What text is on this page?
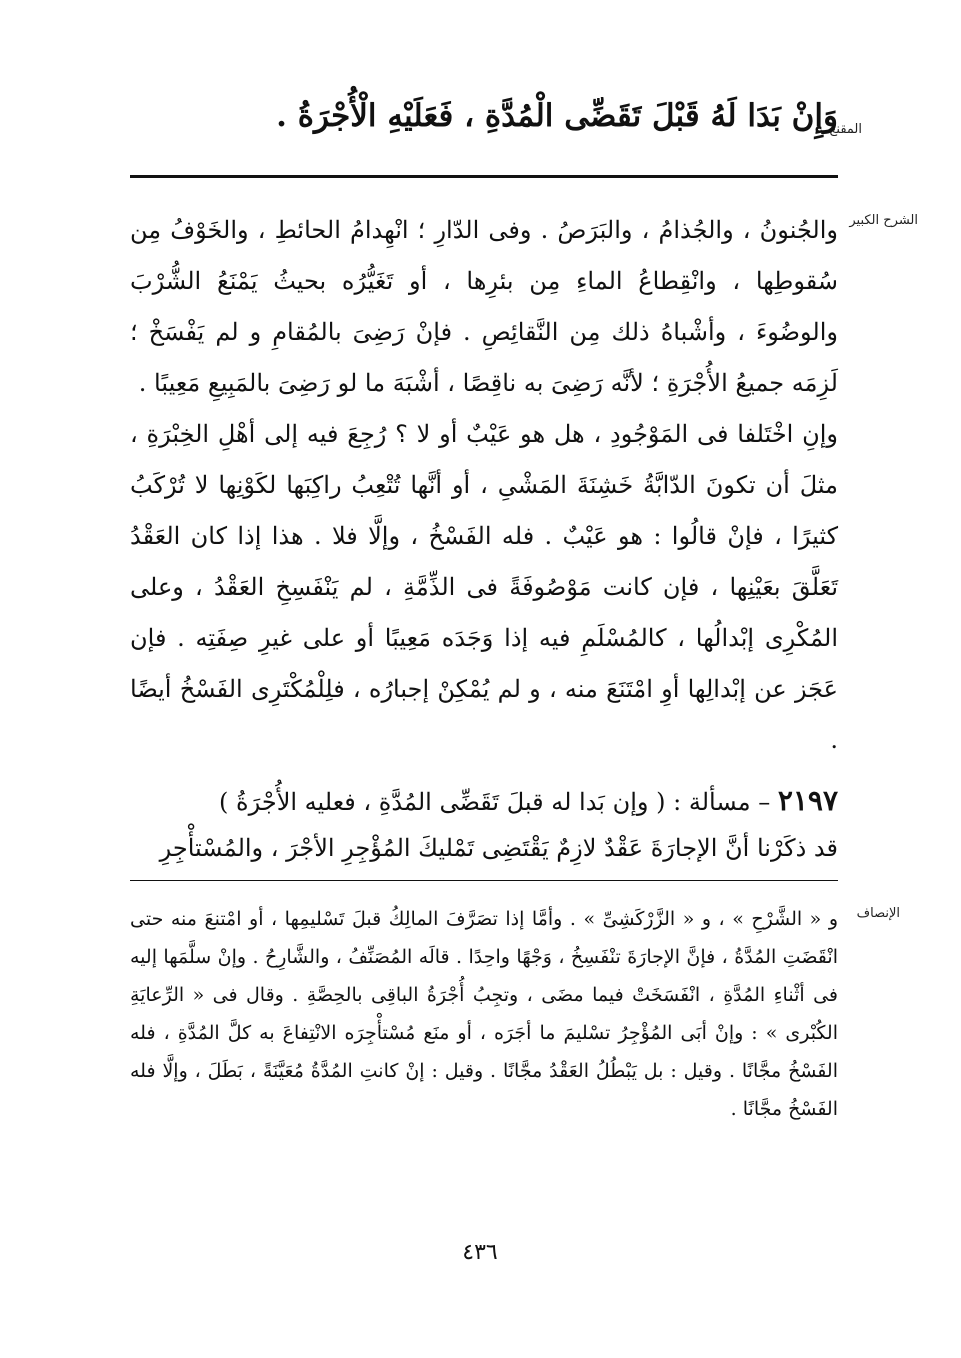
المقنع
وَإِنْ بَدَا لَهُ قَبْلَ تَقَضِّى الْمُدَّةِ ، فَعَلَيْهِ الْأُجْرَةُ .
الشرح الكبير

والجُنونُ ، والجُذامُ ، والبَرَصُ . وفى الدّارِ ؛ انْهِدامُ الحائطِ ، والخَوْفُ مِن سُقوطِها ، وانْقِطاعُ الماءِ مِن بئرِها ، أو تَغَيُّرُه بحيثُ يَمْنَعُ الشُّرْبَ والوضُوءَ ، وأشْباهُ ذلك مِن النَّقائِصِ . فإنْ رَضِىَ بالمُقامِ و لم يَفْسَخْ ؛ لَزِمَه جميعُ الأُجْرَةِ ؛ لأنَّه رَضِىَ به ناقِصًا ، أشْبَهَ ما لو رَضِىَ بالمَبِيعِ مَعِيبًا .

وإنِ اخْتَلفا فى المَوْجُودِ ، هل هو عَيْبٌ أو لا ؟ رُجِعَ فيه إلى أهْلِ الخِبْرَةِ ، مثلَ أن تكونَ الدّابَّةُ خَشِنَةَ المَشْىِ ، أو أنَّها تُتْعِبُ راكِبَها لكَوْنِها لا تُرْكَبُ كثيرًا ، فإنْ قالُوا : هو عَيْبٌ . فله الفَسْخُ ، وإلَّا فلا . هذا إذا كان العَقْدُ تَعَلَّقَ بعَيْنِها ، فإن كانت مَوْصُوفَةً فى الذِّمَّةِ ، لم يَنْفَسِخِ العَقْدُ ، وعلى المُكْرِى إبْدالُها ، كالمُسْلَمِ فيه إذا وَجَدَه مَعِيبًا أو على غيرِ صِفَتِه . فإن عَجَز عن إبْدالِها أوِ امْتَنَعَ منه ، و لم يُمْكِنْ إجبارُه ، فلِلْمُكْتَرِى الفَسْخُ أيضًا .

٢١٩٧ – مسألة : ( وإن بَدا له قبلَ تَقَضِّى المُدَّةِ ، فعليه الأُجْرَةُ )

قد ذكَرْنا أنَّ الإجارَةَ عَقْدٌ لازِمٌ يَقْتَضِى تَمْليكَ المُؤْجِرِ الأجْرَ ، والمُسْتأْجِرِ

الإنصاف

و « الشَّرْحِ » ، و « الزَّرْكَشِىِّ » . وأمَّا إذا تصَرَّفَ المالِكُ قبلَ تَسْليمِها ، أو امْتنعَ منه حتى انْقَضَتِ المُدَّةُ ، فإنَّ الإجارَةَ تنْفَسِخُ ، وَجْهًا واحِدًا . قالَه المُصَنِّفُ ، والشَّارِحُ . وإنْ سلَّمَها إليه فى أثْناءِ المُدَّةِ ، انْفَسَخَتْ فيما مضَى ، وتجِبُ أُجْرَةُ الباقِى بالحِصَّةِ . وقال فى « الرِّعايَةِ الكُبْرى » : وإنْ أبَى المُؤْجِرُ تسْليمَ ما أجَرَه ، أو منَع مُسْتأْجِرَه الانْتِفاعَ به كلَّ المُدَّةِ ، فله الفَسْخُ مجَّانًا . وقيل : بل يَبْطُلُ العَقْدُ مجَّانًا . وقيل : إنْ كانتِ المُدَّةُ مُعَيَّنَةً ، بَطَلَ ، وإلَّا فله الفَسْخُ مجَّانًا .

٤٣٦
